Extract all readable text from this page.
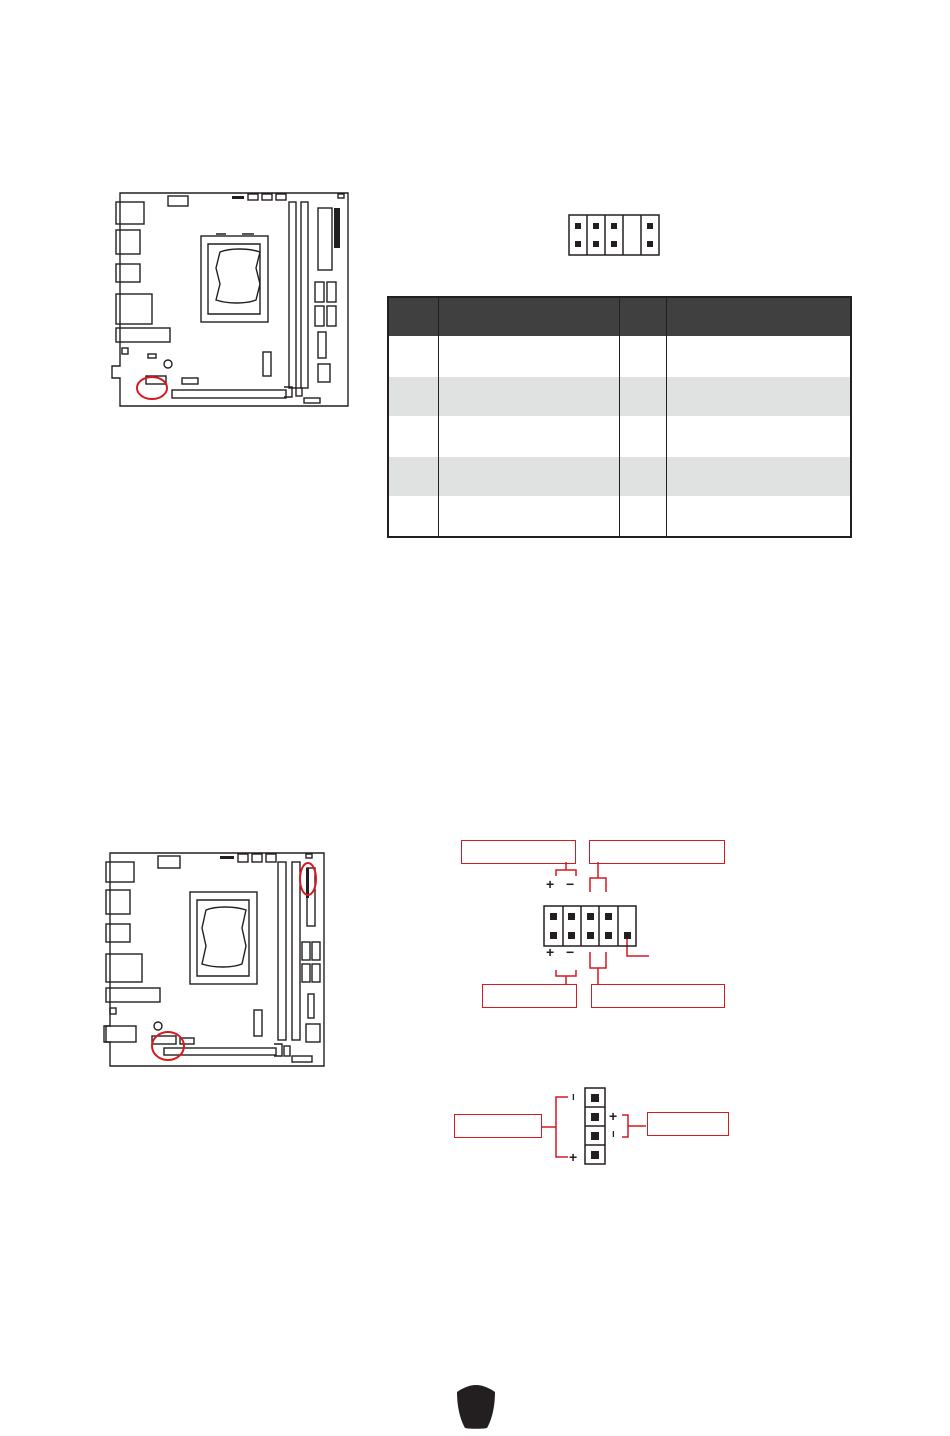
+ −
+ −
−
+
+
−
